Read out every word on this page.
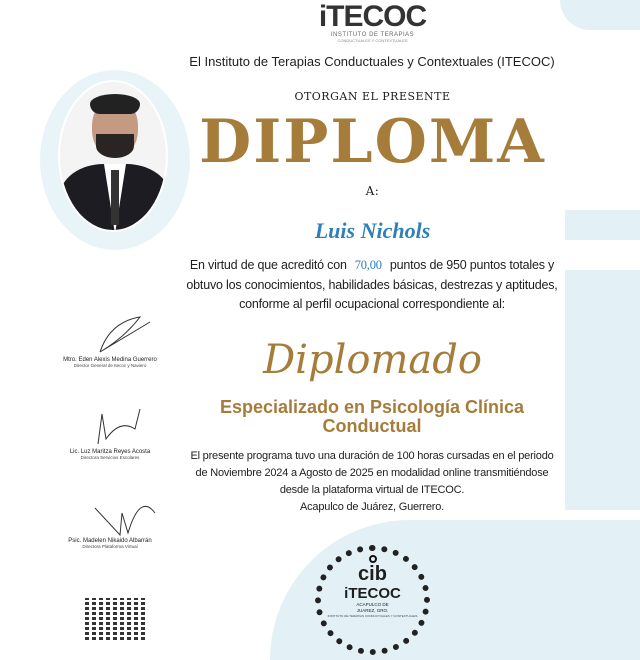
iTECOC
INSTITUTO DE TERAPIAS
CONDUCTUALES Y CONTEXTUALES
El Instituto de Terapias Conductuales y Contextuales (ITECOC)
OTORGAN EL PRESENTE
DIPLOMA
A:
Luis Nichols
En virtud de que acreditó con 70,00 puntos de 950 puntos totales y
obtuvo los conocimientos, habilidades básicas, destrezas y aptitudes,
conforme al perfil ocupacional correspondiente al:
Diplomado
Especializado en Psicología Clínica
Conductual
El presente programa tuvo una duración de 100 horas cursadas en el periodo
de Noviembre 2024 a Agosto de 2025 en modalidad online transmitiéndose
desde la plataforma virtual de ITECOC.
Acapulco de Juárez, Guerrero.
Mtro. Eden Alexis Medina Guerrero
Director General de Itecoc y Naviero
Lic. Luz Maritza Reyes Acosta
Directora Servicios Escolares
Psic. Madelen Nikaido Albarrán
Directora Plataforma Virtual
cib
iTECOC
ACAPULCO DE JUAREZ, GRO.
INSTITUTO DE TERAPIAS CONDUCTUALES Y CONTEXTUALES
